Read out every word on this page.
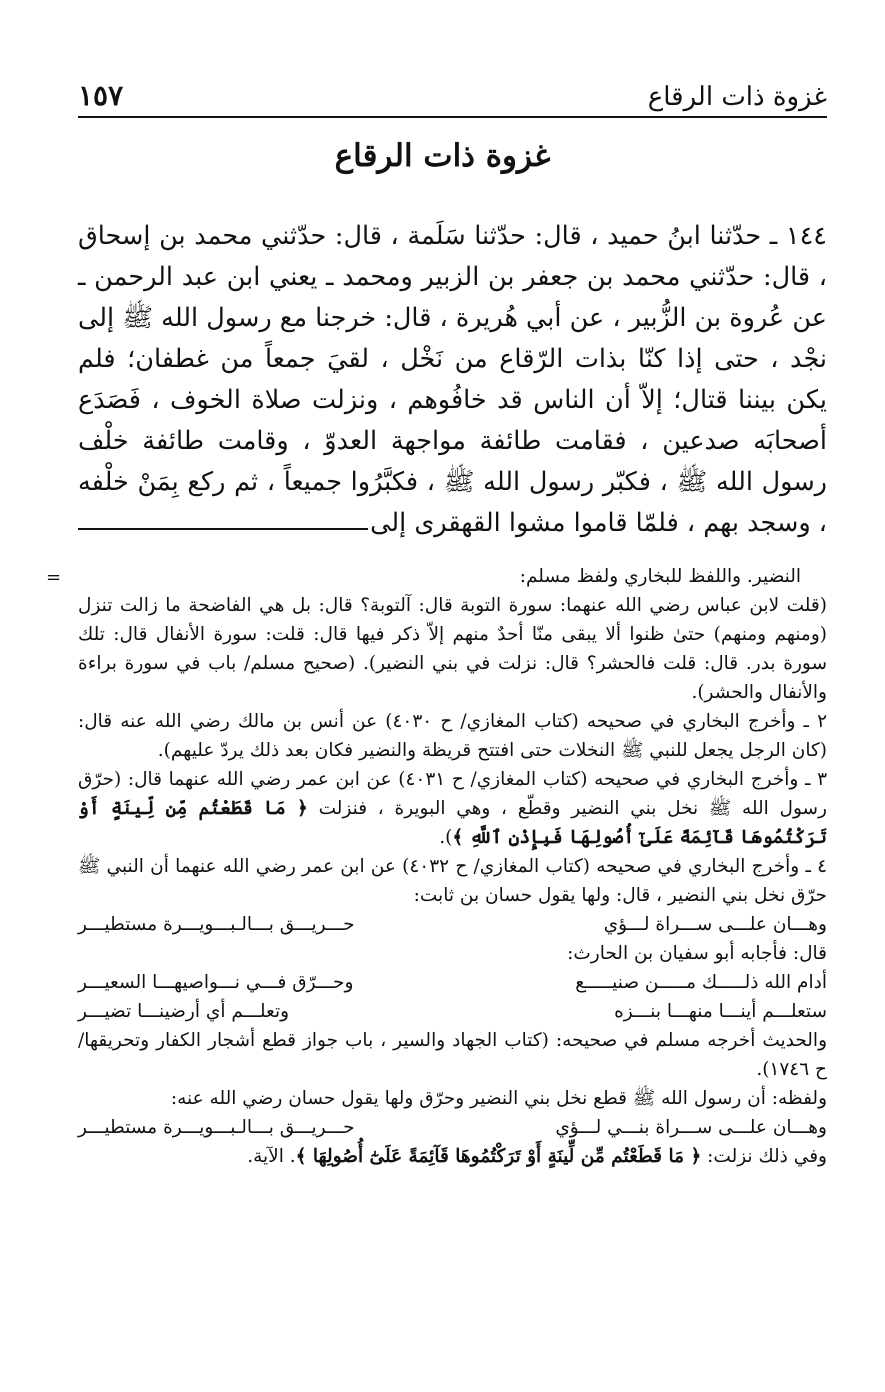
غزوة ذات الرقاع
١٥٧
غزوة ذات الرقاع
١٤٤ ـ حدّثنا ابنُ حميد ، قال: حدّثنا سَلَمة ، قال: حدّثني محمد بن إسحاق ، قال: حدّثني محمد بن جعفر بن الزبير ومحمد ـ يعني ابن عبد الرحمن ـ عن عُروة بن الزُّبير ، عن أبي هُريرة ، قال: خرجنا مع رسول الله ﷺ إلى نجْد ، حتى إذا كنّا بذات الرّقاع من نَخْل ، لقيَ جمعاً من غطفان؛ فلم يكن بيننا قتال؛ إلاّ أن الناس قد خافُوهم ، ونزلت صلاة الخوف ، فَصَدَع أصحابَه صدعين ، فقامت طائفة مواجهة العدوّ ، وقامت طائفة خلْف رسول الله ﷺ ، فكبّر رسول الله ﷺ ، فكبَّرُوا جميعاً ، ثم ركع بِمَنْ خلْفه ، وسجد بهم ، فلمّا قاموا مشوا القهقرى إلى
=	النضير. واللفظ للبخاري ولفظ مسلم:

(قلت لابن عباس رضي الله عنهما: سورة التوبة قال: آلتوبة؟ قال: بل هي الفاضحة ما زالت تنزل (ومنهم ومنهم) حتىٰ ظنوا ألا يبقى منّا أحدٌ منهم إلاّ ذكر فيها قال: قلت: سورة الأنفال قال: تلك سورة بدر. قال: قلت فالحشر؟ قال: نزلت في بني النضير). (صحيح مسلم/ باب في سورة براءة والأنفال والحشر).

٢ ـ وأخرج البخاري في صحيحه (كتاب المغازي/ ح ٤٠٣٠) عن أنس بن مالك رضي الله عنه قال: (كان الرجل يجعل للنبي ﷺ النخلات حتى افتتح قريظة والنضير فكان بعد ذلك يردّ عليهم).

٣ ـ وأخرج البخاري في صحيحه (كتاب المغازي/ ح ٤٠٣١) عن ابن عمر رضي الله عنهما قال: (حرّق رسول الله ﷺ نخل بني النضير وقطّع ، وهي البويرة ، فنزلت ﴿ مَا قَطَعْتُم مِّن لِّينَةٍ أَوْ تَرَكْتُمُوهَا قَآئِمَةً عَلَىٰٓ أُصُولِهَا فَبِإِذْنِ ٱللَّهِ ﴾).

٤ ـ وأخرج البخاري في صحيحه (كتاب المغازي/ ح ٤٠٣٢) عن ابن عمر رضي الله عنهما أن النبي ﷺ حرّق نخل بني النضير ، قال: ولها يقول حسان بن ثابت:

وهـــان علـــى ســـراة لـــؤي
حـــريـــق بـــالـبـــويـــرة مستطيـــر

قال: فأجابه أبو سفيان بن الحارث:

أدام الله ذلـــــك مـــــن صنيـــــع
وحـــرّق فـــي نـــواصيهـــا السعيـــر
ستعلـــم أينـــا منهـــا بنـــزه
وتعلـــم أي أرضينـــا تضيـــر

والحديث أخرجه مسلم في صحيحه: (كتاب الجهاد والسير ، باب جواز قطع أشجار الكفار وتحريقها/ ح ١٧٤٦).

ولفظه: أن رسول الله ﷺ قطع نخل بني النضير وحرّق ولها يقول حسان رضي الله عنه:

وهـــان علـــى ســـراة بنـــي لـــؤي
حـــريـــق بـــالـبـــويـــرة مستطيـــر

وفي ذلك نزلت: ﴿ مَا قَطَعْتُم مِّن لِّينَةٍ أَوْ تَرَكْتُمُوهَا قَآئِمَةً عَلَىٰٓ أُصُولِهَا ﴾. الآية.
